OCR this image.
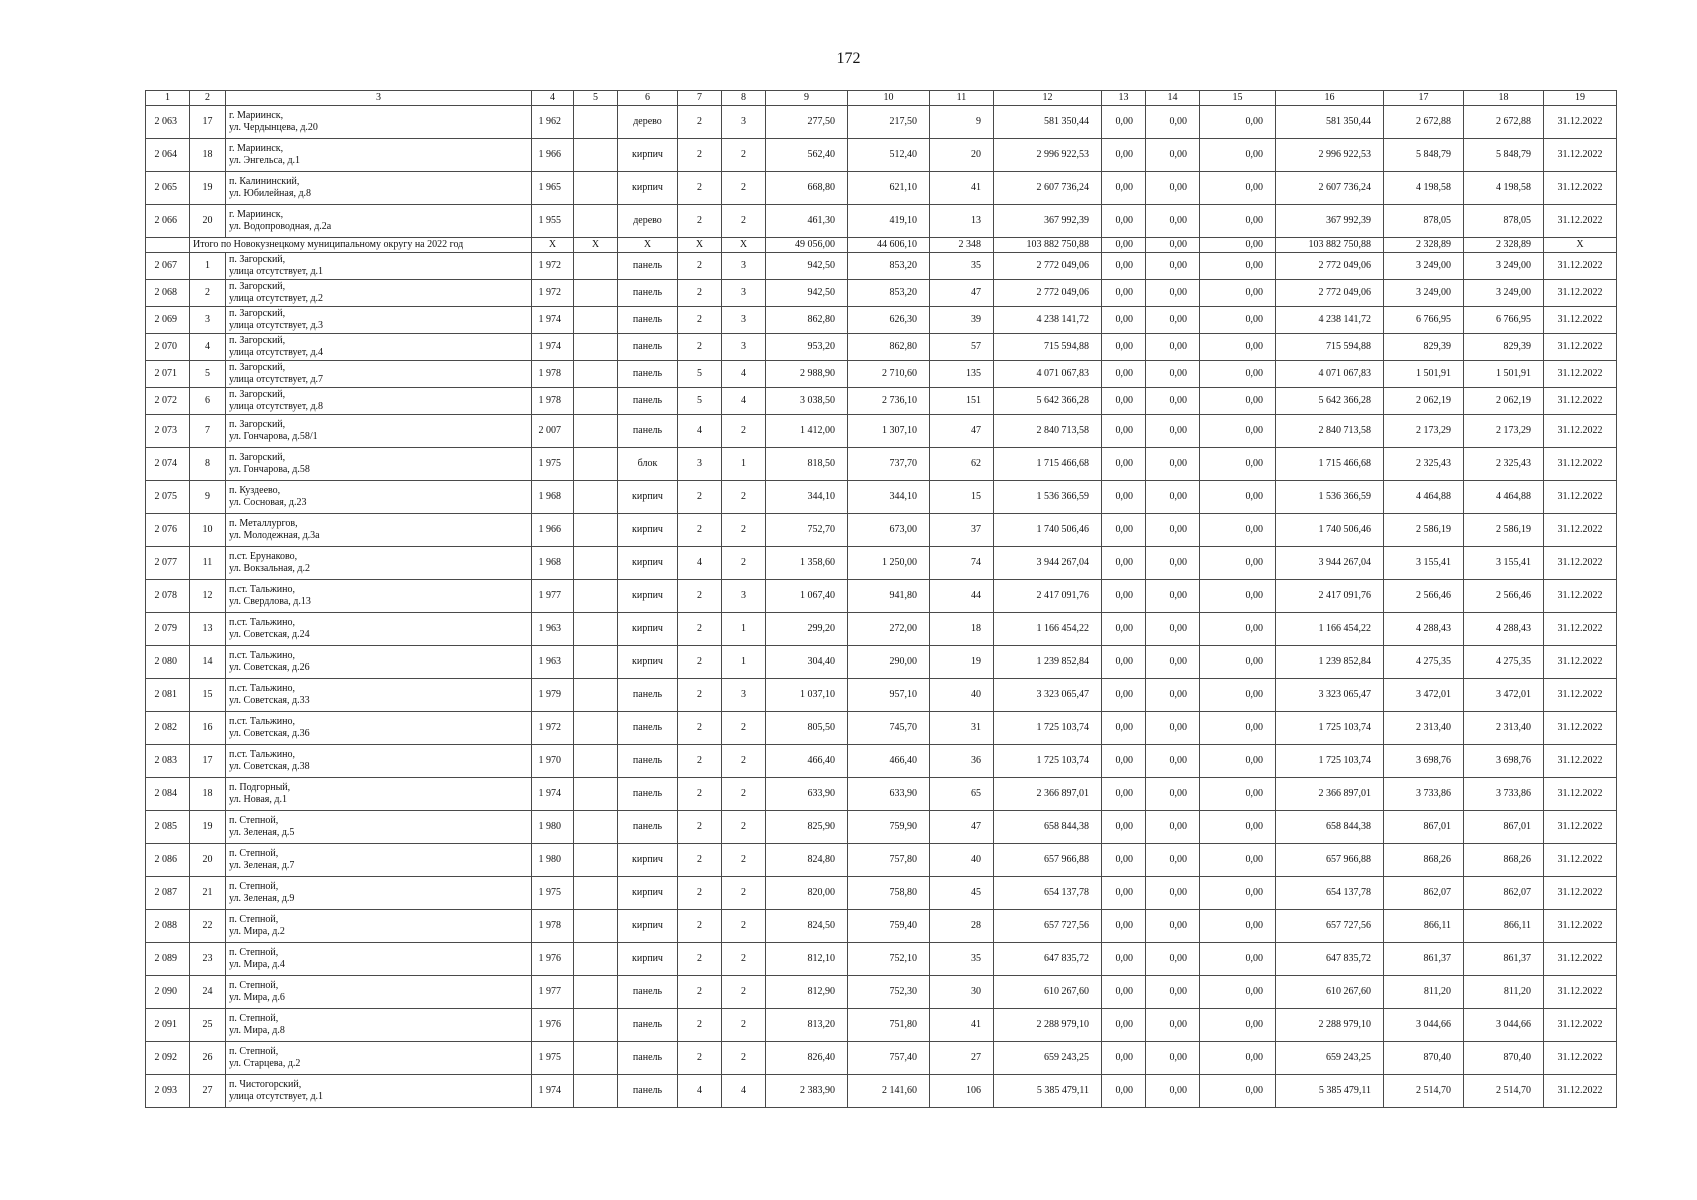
172
1	2	3	4	5	6	7	8	9	10	11	12	13	14	15	16	17	18	19
2 063	17	г. Мариинск,
ул. Чердынцева, д.20	1 962		дерево	2	3	277,50	217,50	9	581 350,44	0,00	0,00	0,00	581 350,44	2 672,88	2 672,88	31.12.2022
2 064	18	г. Мариинск,
ул. Энгельса, д.1	1 966		кирпич	2	2	562,40	512,40	20	2 996 922,53	0,00	0,00	0,00	2 996 922,53	5 848,79	5 848,79	31.12.2022
2 065	19	п. Калининский,
ул. Юбилейная, д.8	1 965		кирпич	2	2	668,80	621,10	41	2 607 736,24	0,00	0,00	0,00	2 607 736,24	4 198,58	4 198,58	31.12.2022
2 066	20	г. Мариинск,
ул. Водопроводная, д.2а	1 955		дерево	2	2	461,30	419,10	13	367 992,39	0,00	0,00	0,00	367 992,39	878,05	878,05	31.12.2022
	Итого по Новокузнецкому муниципальному округу на 2022 год		X	X	X	X	X	49 056,00	44 606,10	2 348	103 882 750,88	0,00	0,00	0,00	103 882 750,88	2 328,89	2 328,89	X
2 067	1	п. Загорский,
улица отсутствует, д.1	1 972		панель	2	3	942,50	853,20	35	2 772 049,06	0,00	0,00	0,00	2 772 049,06	3 249,00	3 249,00	31.12.2022
2 068	2	п. Загорский,
улица отсутствует, д.2	1 972		панель	2	3	942,50	853,20	47	2 772 049,06	0,00	0,00	0,00	2 772 049,06	3 249,00	3 249,00	31.12.2022
2 069	3	п. Загорский,
улица отсутствует, д.3	1 974		панель	2	3	862,80	626,30	39	4 238 141,72	0,00	0,00	0,00	4 238 141,72	6 766,95	6 766,95	31.12.2022
2 070	4	п. Загорский,
улица отсутствует, д.4	1 974		панель	2	3	953,20	862,80	57	715 594,88	0,00	0,00	0,00	715 594,88	829,39	829,39	31.12.2022
2 071	5	п. Загорский,
улица отсутствует, д.7	1 978		панель	5	4	2 988,90	2 710,60	135	4 071 067,83	0,00	0,00	0,00	4 071 067,83	1 501,91	1 501,91	31.12.2022
2 072	6	п. Загорский,
улица отсутствует, д.8	1 978		панель	5	4	3 038,50	2 736,10	151	5 642 366,28	0,00	0,00	0,00	5 642 366,28	2 062,19	2 062,19	31.12.2022
2 073	7	п. Загорский,
ул. Гончарова, д.58/1	2 007		панель	4	2	1 412,00	1 307,10	47	2 840 713,58	0,00	0,00	0,00	2 840 713,58	2 173,29	2 173,29	31.12.2022
2 074	8	п. Загорский,
ул. Гончарова, д.58	1 975		блок	3	1	818,50	737,70	62	1 715 466,68	0,00	0,00	0,00	1 715 466,68	2 325,43	2 325,43	31.12.2022
2 075	9	п. Куздеево,
ул. Сосновая, д.23	1 968		кирпич	2	2	344,10	344,10	15	1 536 366,59	0,00	0,00	0,00	1 536 366,59	4 464,88	4 464,88	31.12.2022
2 076	10	п. Металлургов,
ул. Молодежная, д.3а	1 966		кирпич	2	2	752,70	673,00	37	1 740 506,46	0,00	0,00	0,00	1 740 506,46	2 586,19	2 586,19	31.12.2022
2 077	11	п.ст. Ерунаково,
ул. Вокзальная, д.2	1 968		кирпич	4	2	1 358,60	1 250,00	74	3 944 267,04	0,00	0,00	0,00	3 944 267,04	3 155,41	3 155,41	31.12.2022
2 078	12	п.ст. Тальжино,
ул. Свердлова, д.13	1 977		кирпич	2	3	1 067,40	941,80	44	2 417 091,76	0,00	0,00	0,00	2 417 091,76	2 566,46	2 566,46	31.12.2022
2 079	13	п.ст. Тальжино,
ул. Советская, д.24	1 963		кирпич	2	1	299,20	272,00	18	1 166 454,22	0,00	0,00	0,00	1 166 454,22	4 288,43	4 288,43	31.12.2022
2 080	14	п.ст. Тальжино,
ул. Советская, д.26	1 963		кирпич	2	1	304,40	290,00	19	1 239 852,84	0,00	0,00	0,00	1 239 852,84	4 275,35	4 275,35	31.12.2022
2 081	15	п.ст. Тальжино,
ул. Советская, д.33	1 979		панель	2	3	1 037,10	957,10	40	3 323 065,47	0,00	0,00	0,00	3 323 065,47	3 472,01	3 472,01	31.12.2022
2 082	16	п.ст. Тальжино,
ул. Советская, д.36	1 972		панель	2	2	805,50	745,70	31	1 725 103,74	0,00	0,00	0,00	1 725 103,74	2 313,40	2 313,40	31.12.2022
2 083	17	п.ст. Тальжино,
ул. Советская, д.38	1 970		панель	2	2	466,40	466,40	36	1 725 103,74	0,00	0,00	0,00	1 725 103,74	3 698,76	3 698,76	31.12.2022
2 084	18	п. Подгорный,
ул. Новая, д.1	1 974		панель	2	2	633,90	633,90	65	2 366 897,01	0,00	0,00	0,00	2 366 897,01	3 733,86	3 733,86	31.12.2022
2 085	19	п. Степной,
ул. Зеленая, д.5	1 980		панель	2	2	825,90	759,90	47	658 844,38	0,00	0,00	0,00	658 844,38	867,01	867,01	31.12.2022
2 086	20	п. Степной,
ул. Зеленая, д.7	1 980		кирпич	2	2	824,80	757,80	40	657 966,88	0,00	0,00	0,00	657 966,88	868,26	868,26	31.12.2022
2 087	21	п. Степной,
ул. Зеленая, д.9	1 975		кирпич	2	2	820,00	758,80	45	654 137,78	0,00	0,00	0,00	654 137,78	862,07	862,07	31.12.2022
2 088	22	п. Степной,
ул. Мира, д.2	1 978		кирпич	2	2	824,50	759,40	28	657 727,56	0,00	0,00	0,00	657 727,56	866,11	866,11	31.12.2022
2 089	23	п. Степной,
ул. Мира, д.4	1 976		кирпич	2	2	812,10	752,10	35	647 835,72	0,00	0,00	0,00	647 835,72	861,37	861,37	31.12.2022
2 090	24	п. Степной,
ул. Мира, д.6	1 977		панель	2	2	812,90	752,30	30	610 267,60	0,00	0,00	0,00	610 267,60	811,20	811,20	31.12.2022
2 091	25	п. Степной,
ул. Мира, д.8	1 976		панель	2	2	813,20	751,80	41	2 288 979,10	0,00	0,00	0,00	2 288 979,10	3 044,66	3 044,66	31.12.2022
2 092	26	п. Степной,
ул. Старцева, д.2	1 975		панель	2	2	826,40	757,40	27	659 243,25	0,00	0,00	0,00	659 243,25	870,40	870,40	31.12.2022
2 093	27	п. Чистогорский,
улица отсутствует, д.1	1 974		панель	4	4	2 383,90	2 141,60	106	5 385 479,11	0,00	0,00	0,00	5 385 479,11	2 514,70	2 514,70	31.12.2022
